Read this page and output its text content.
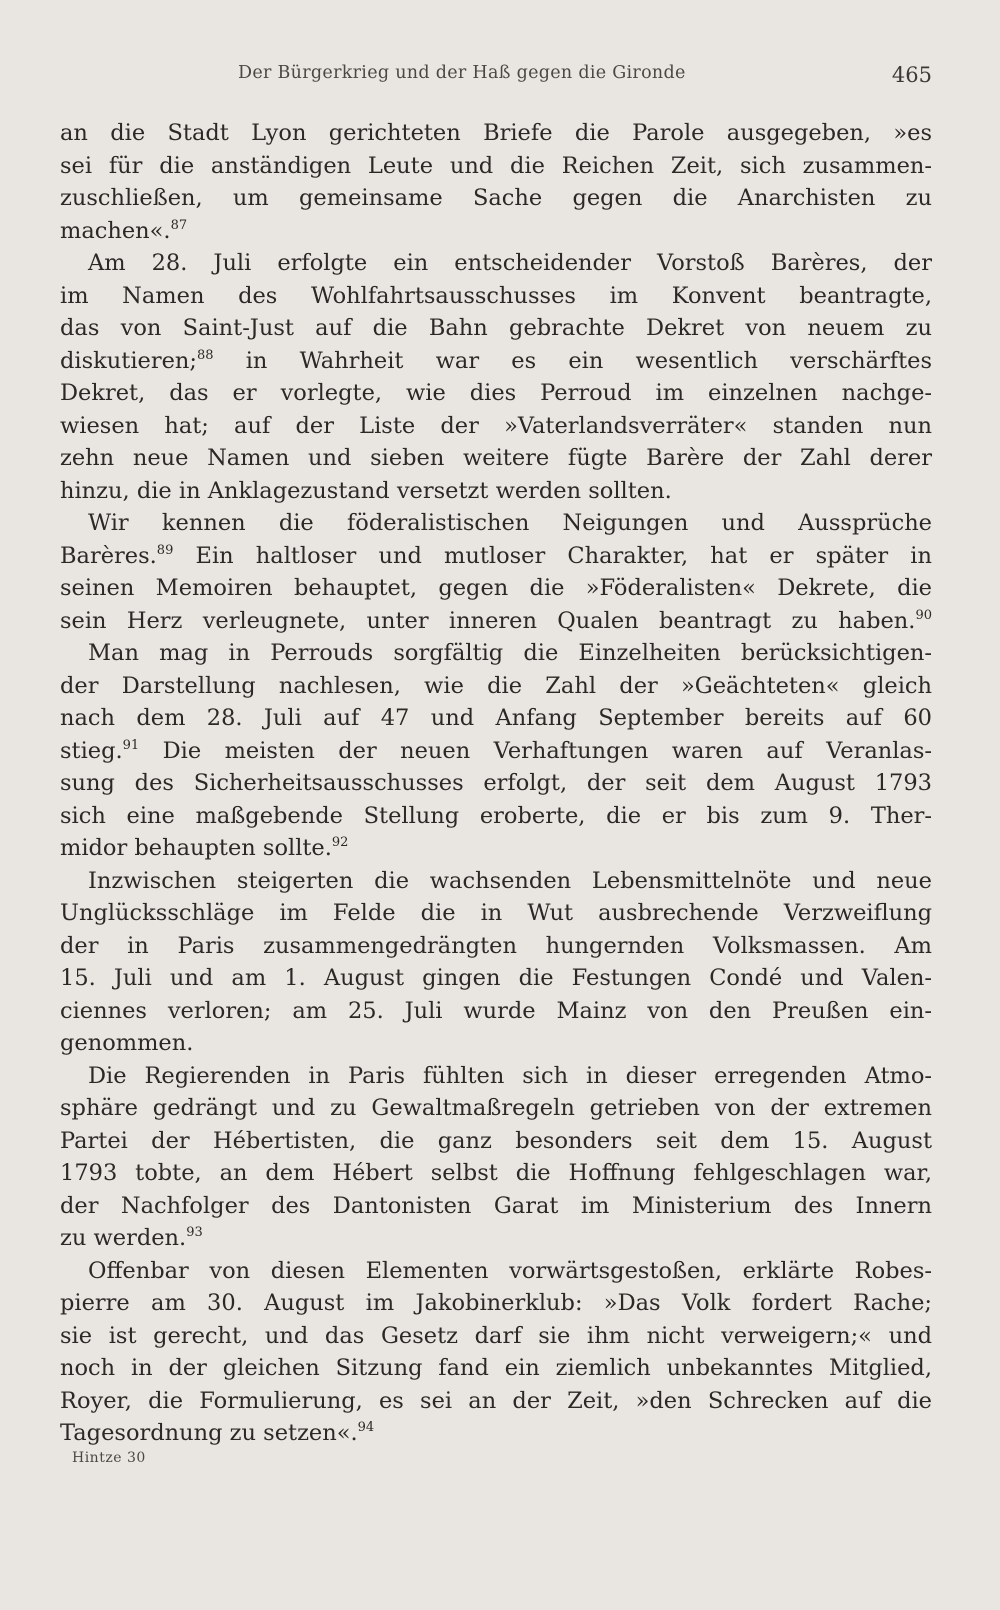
Der Bürgerkrieg und der Haß gegen die Gironde	465
an die Stadt Lyon gerichteten Briefe die Parole ausgegeben, »es
sei für die anständigen Leute und die Reichen Zeit, sich zusammen-
zuschließen, um gemeinsame Sache gegen die Anarchisten zu
machen«.$^{87}$
Am 28. Juli erfolgte ein entscheidender Vorstoß Barères, der
im Namen des Wohlfahrtsausschusses im Konvent beantragte,
das von Saint-Just auf die Bahn gebrachte Dekret von neuem zu
diskutieren;$^{88}$ in Wahrheit war es ein wesentlich verschärftes
Dekret, das er vorlegte, wie dies Perroud im einzelnen nachge-
wiesen hat; auf der Liste der »Vaterlandsverräter« standen nun
zehn neue Namen und sieben weitere fügte Barère der Zahl derer
hinzu, die in Anklagezustand versetzt werden sollten.
Wir kennen die föderalistischen Neigungen und Aussprüche
Barères.$^{89}$ Ein haltloser und mutloser Charakter, hat er später in
seinen Memoiren behauptet, gegen die »Föderalisten« Dekrete, die
sein Herz verleugnete, unter inneren Qualen beantragt zu haben.$^{90}$
Man mag in Perrouds sorgfältig die Einzelheiten berücksichtigen-
der Darstellung nachlesen, wie die Zahl der »Geächteten« gleich
nach dem 28. Juli auf 47 und Anfang September bereits auf 60
stieg.$^{91}$ Die meisten der neuen Verhaftungen waren auf Veranlas-
sung des Sicherheitsausschusses erfolgt, der seit dem August 1793
sich eine maßgebende Stellung eroberte, die er bis zum 9. Ther-
midor behaupten sollte.$^{92}$
Inzwischen steigerten die wachsenden Lebensmittelnöte und neue
Unglücksschläge im Felde die in Wut ausbrechende Verzweiflung
der in Paris zusammengedrängten hungernden Volksmassen. Am
15. Juli und am 1. August gingen die Festungen Condé und Valen-
ciennes verloren; am 25. Juli wurde Mainz von den Preußen ein-
genommen.
Die Regierenden in Paris fühlten sich in dieser erregenden Atmo-
sphäre gedrängt und zu Gewaltmaßregeln getrieben von der extremen
Partei der Hébertisten, die ganz besonders seit dem 15. August
1793 tobte, an dem Hébert selbst die Hoffnung fehlgeschlagen war,
der Nachfolger des Dantonisten Garat im Ministerium des Innern
zu werden.$^{93}$
Offenbar von diesen Elementen vorwärtsgestoßen, erklärte Robes-
pierre am 30. August im Jakobinerklub: »Das Volk fordert Rache;
sie ist gerecht, und das Gesetz darf sie ihm nicht verweigern;« und
noch in der gleichen Sitzung fand ein ziemlich unbekanntes Mitglied,
Royer, die Formulierung, es sei an der Zeit, »den Schrecken auf die
Tagesordnung zu setzen«.$^{94}$
Hintze 30
